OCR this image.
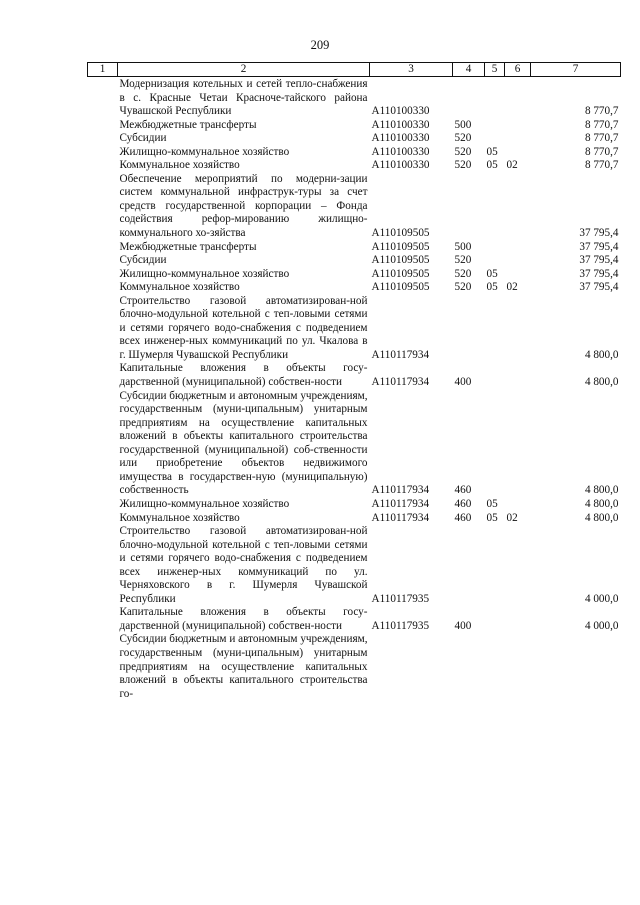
209
1	2	3	4	5	6	7
	Модернизация котельных и сетей тепло-снабжения в с. Красные Четаи Красноче-тайского района Чувашской Республики	А110100330				8 770,7
	Межбюджетные трансферты	А110100330	500			8 770,7
	Субсидии	А110100330	520			8 770,7
	Жилищно-коммунальное хозяйство	А110100330	520	05		8 770,7
	Коммунальное хозяйство	А110100330	520	05	02	8 770,7
	Обеспечение мероприятий по модерни-зации систем коммунальной инфраструк-туры за счет средств государственной корпорации – Фонда содействия рефор-мированию жилищно-коммунального хо-зяйства	А110109505				37 795,4
	Межбюджетные трансферты	А110109505	500			37 795,4
	Субсидии	А110109505	520			37 795,4
	Жилищно-коммунальное хозяйство	А110109505	520	05		37 795,4
	Коммунальное хозяйство	А110109505	520	05	02	37 795,4
	Строительство газовой автоматизирован-ной блочно-модульной котельной с теп-ловыми сетями и сетями горячего водо-снабжения с подведением всех инженер-ных коммуникаций по ул. Чкалова в г. Шумерля Чувашской Республики	А110117934				4 800,0
	Капитальные вложения в объекты госу-дарственной (муниципальной) собствен-ности	А110117934	400			4 800,0
	Субсидии бюджетным и автономным учреждениям, государственным (муни-ципальным) унитарным предприятиям на осуществление капитальных вложений в объекты капитального строительства государственной (муниципальной) соб-ственности или приобретение объектов недвижимого имущества в государствен-ную (муниципальную) собственность	А110117934	460			4 800,0
	Жилищно-коммунальное хозяйство	А110117934	460	05		4 800,0
	Коммунальное хозяйство	А110117934	460	05	02	4 800,0
	Строительство газовой автоматизирован-ной блочно-модульной котельной с теп-ловыми сетями и сетями горячего водо-снабжения с подведением всех инженер-ных коммуникаций по ул. Черняховского в г. Шумерля Чувашской Республики	А110117935				4 000,0
	Капитальные вложения в объекты госу-дарственной (муниципальной) собствен-ности	А110117935	400			4 000,0
	Субсидии бюджетным и автономным учреждениям, государственным (муни-ципальным) унитарным предприятиям на осуществление капитальных вложений в объекты капитального строительства го-					
